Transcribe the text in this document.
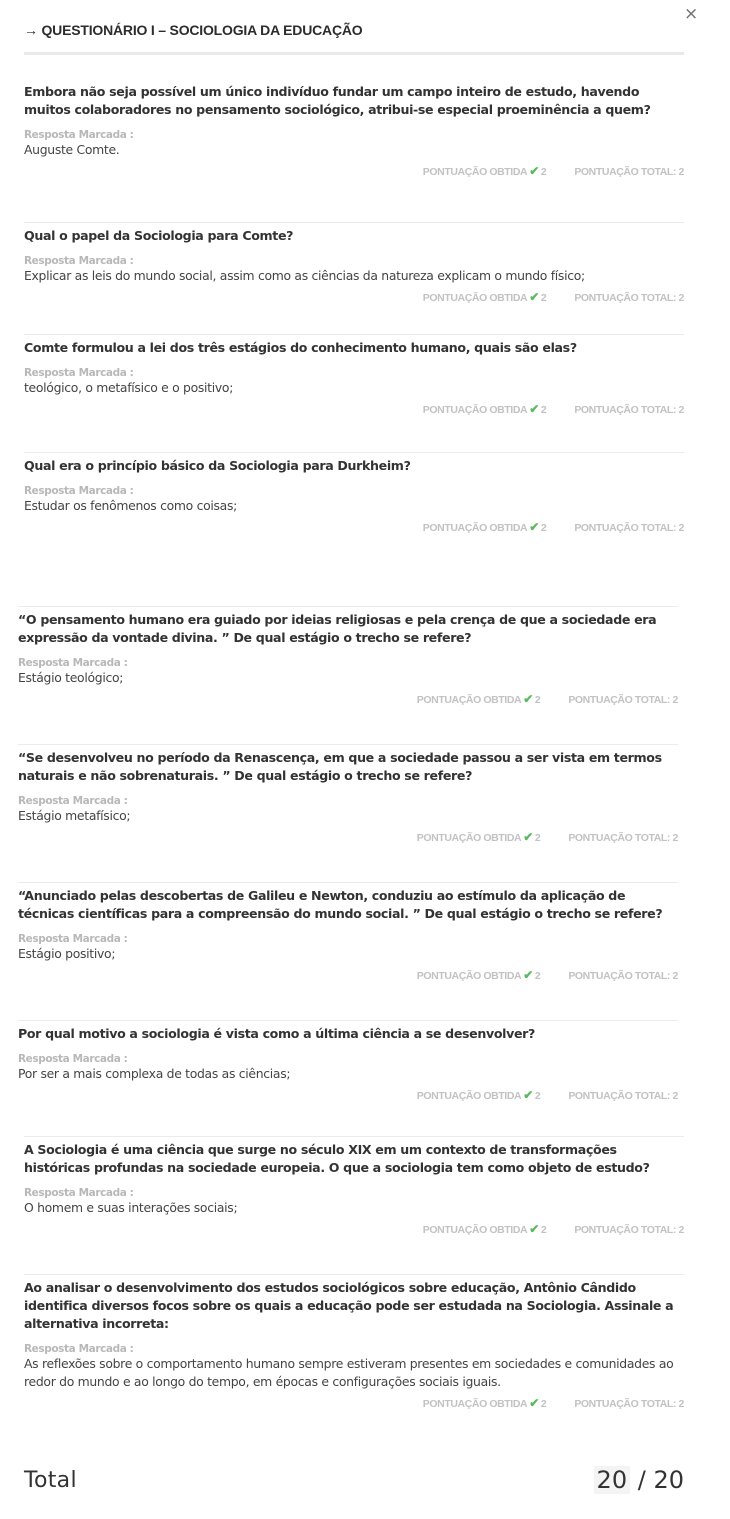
×
→ QUESTIONÁRIO I – SOCIOLOGIA DA EDUCAÇÃO
Embora não seja possível um único indivíduo fundar um campo inteiro de estudo, havendo muitos colaboradores no pensamento sociológico, atribui-se especial proeminência a quem?
Resposta Marcada :
Auguste Comte.
PONTUAÇÃO OBTIDA ✔ 2	PONTUAÇÃO TOTAL: 2
Qual o papel da Sociologia para Comte?
Resposta Marcada :
Explicar as leis do mundo social, assim como as ciências da natureza explicam o mundo físico;
PONTUAÇÃO OBTIDA ✔ 2	PONTUAÇÃO TOTAL: 2
Comte formulou a lei dos três estágios do conhecimento humano, quais são elas?
Resposta Marcada :
teológico, o metafísico e o positivo;
PONTUAÇÃO OBTIDA ✔ 2	PONTUAÇÃO TOTAL: 2
Qual era o princípio básico da Sociologia para Durkheim?
Resposta Marcada :
Estudar os fenômenos como coisas;
PONTUAÇÃO OBTIDA ✔ 2	PONTUAÇÃO TOTAL: 2
“O pensamento humano era guiado por ideias religiosas e pela crença de que a sociedade era expressão da vontade divina. ” De qual estágio o trecho se refere?
Resposta Marcada :
Estágio teológico;
PONTUAÇÃO OBTIDA ✔ 2	PONTUAÇÃO TOTAL: 2
“Se desenvolveu no período da Renascença, em que a sociedade passou a ser vista em termos naturais e não sobrenaturais. ” De qual estágio o trecho se refere?
Resposta Marcada :
Estágio metafísico;
PONTUAÇÃO OBTIDA ✔ 2	PONTUAÇÃO TOTAL: 2
“Anunciado pelas descobertas de Galileu e Newton, conduziu ao estímulo da aplicação de técnicas científicas para a compreensão do mundo social. ” De qual estágio o trecho se refere?
Resposta Marcada :
Estágio positivo;
PONTUAÇÃO OBTIDA ✔ 2	PONTUAÇÃO TOTAL: 2
Por qual motivo a sociologia é vista como a última ciência a se desenvolver?
Resposta Marcada :
Por ser a mais complexa de todas as ciências;
PONTUAÇÃO OBTIDA ✔ 2	PONTUAÇÃO TOTAL: 2
A Sociologia é uma ciência que surge no século XIX em um contexto de transformações históricas profundas na sociedade europeia. O que a sociologia tem como objeto de estudo?
Resposta Marcada :
O homem e suas interações sociais;
PONTUAÇÃO OBTIDA ✔ 2	PONTUAÇÃO TOTAL: 2
Ao analisar o desenvolvimento dos estudos sociológicos sobre educação, Antônio Cândido identifica diversos focos sobre os quais a educação pode ser estudada na Sociologia. Assinale a alternativa incorreta:
Resposta Marcada :
As reflexões sobre o comportamento humano sempre estiveram presentes em sociedades e comunidades ao redor do mundo e ao longo do tempo, em épocas e configurações sociais iguais.
PONTUAÇÃO OBTIDA ✔ 2	PONTUAÇÃO TOTAL: 2
Total	20 / 20
